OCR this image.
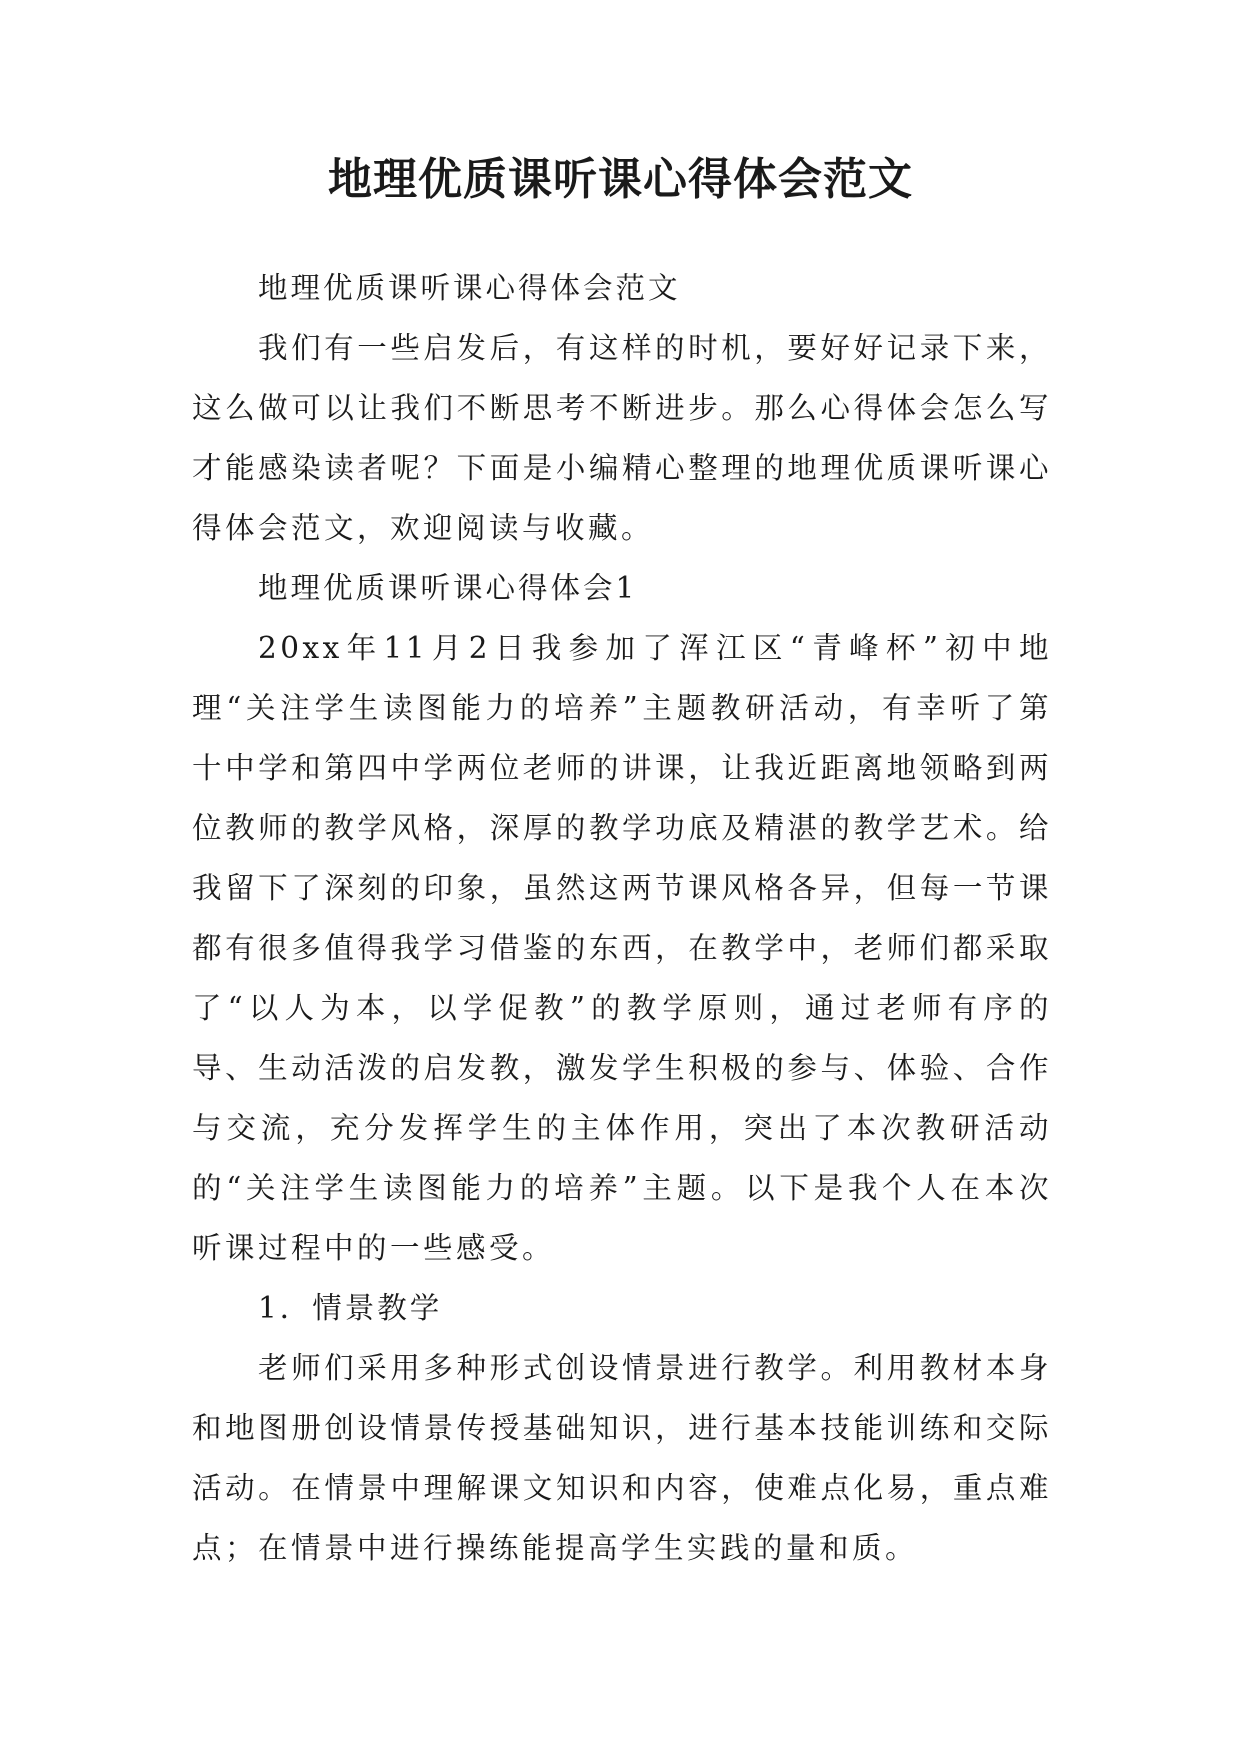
地理优质课听课心得体会范文

地理优质课听课心得体会范文

我们有一些启发后，有这样的时机，要好好记录下来，这么做可以让我们不断思考不断进步。那么心得体会怎么写才能感染读者呢？下面是小编精心整理的地理优质课听课心得体会范文，欢迎阅读与收藏。

地理优质课听课心得体会1

20xx年11月2日我参加了浑江区“青峰杯”初中地理“关注学生读图能力的培养”主题教研活动，有幸听了第十中学和第四中学两位老师的讲课，让我近距离地领略到两位教师的教学风格，深厚的教学功底及精湛的教学艺术。给我留下了深刻的印象，虽然这两节课风格各异，但每一节课都有很多值得我学习借鉴的东西，在教学中，老师们都采取了“以人为本，以学促教”的教学原则，通过老师有序的导、生动活泼的启发教，激发学生积极的参与、体验、合作与交流，充分发挥学生的主体作用，突出了本次教研活动的“关注学生读图能力的培养”主题。以下是我个人在本次听课过程中的一些感受。

1．情景教学

老师们采用多种形式创设情景进行教学。利用教材本身和地图册创设情景传授基础知识，进行基本技能训练和交际活动。在情景中理解课文知识和内容，使难点化易，重点难点；在情景中进行操练能提高学生实践的量和质。
